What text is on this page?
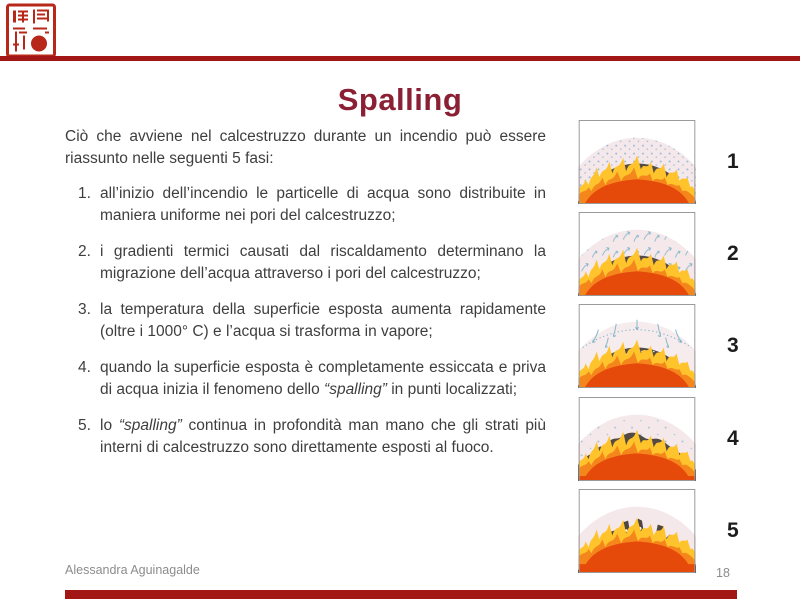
Spalling

Ciò che avviene nel calcestruzzo durante un incendio può essere riassunto nelle seguenti 5 fasi:

1. all’inizio dell’incendio le particelle di acqua sono distribuite in maniera uniforme nei pori del calcestruzzo;
2. i gradienti termici causati dal riscaldamento determinano la migrazione dell’acqua attraverso i pori del calcestruzzo;
3. la temperatura della superficie esposta aumenta rapidamente (oltre i 1000° C) e l’acqua si trasforma in vapore;
4. quando la superficie esposta è completamente essiccata e priva di acqua inizia il fenomeno dello “spalling” in punti localizzati;
5. lo “spalling” continua in profondità man mano che gli strati più interni di calcestruzzo sono direttamente esposti al fuoco.
1
2
3
4
5
Alessandra Aguinagalde	18
